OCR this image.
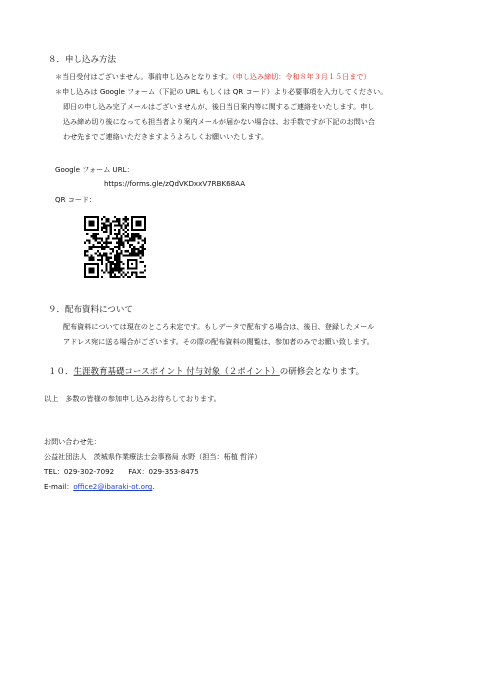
８．申し込み方法
＊当日受付はございません。事前申し込みとなります。（申し込み締切：令和８年３月１５日まで）
＊申し込みは Google フォーム（下記の URL もしくは QR コード）より必要事項を入力してください。
即日の申し込み完了メールはございませんが、後日当日案内等に関するご連絡をいたします。申し
込み締め切り後になっても担当者より案内メールが届かない場合は、お手数ですが下記のお問い合
わせ先までご連絡いただきますようよろしくお願いいたします。
Google フォーム URL：
https://forms.gle/zQdVKDxxV7RBK68AA
QR コード：
９．配布資料について
配布資料については現在のところ未定です。もしデータで配布する場合は、後日、登録したメール
アドレス宛に送る場合がございます。その際の配布資料の閲覧は、参加者のみでお願い致します。
１０．生涯教育基礎コースポイント 付与対象（２ポイント）の研修会となります。
以上　多数の皆様の参加申し込みお待ちしております。
お問い合わせ先：
公益社団法人　茨城県作業療法士会事務局 水野（担当：柘植 哲洋）
TEL：029-302-7092　　FAX：029-353-8475
E-mail：office2@ibaraki-ot.org.
